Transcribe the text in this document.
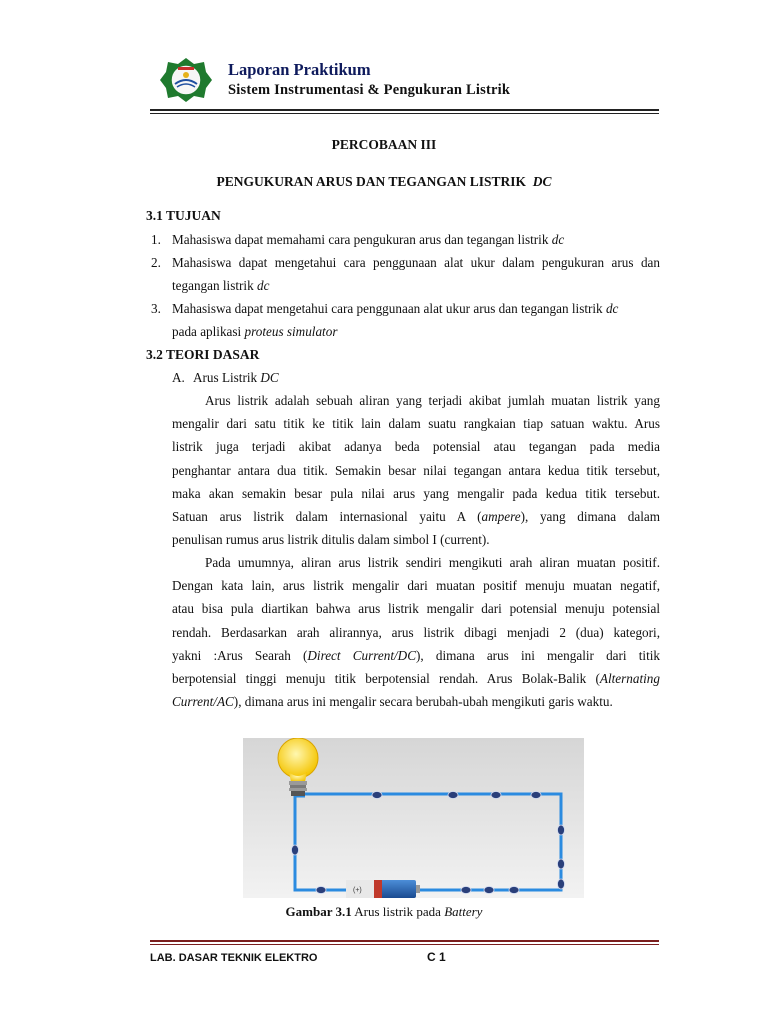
Laporan Praktikum
Sistem Instrumentasi & Pengukuran Listrik
PERCOBAAN III
PENGUKURAN ARUS DAN TEGANGAN LISTRIK DC
3.1 TUJUAN
1. Mahasiswa dapat memahami cara pengukuran arus dan tegangan listrik dc
2. Mahasiswa dapat mengetahui cara penggunaan alat ukur dalam pengukuran arus dan
tegangan listrik dc
3. Mahasiswa dapat mengetahui cara penggunaan alat ukur arus dan tegangan listrik dc
pada aplikasi proteus simulator
3.2 TEORI DASAR
A. Arus Listrik DC
Arus listrik adalah sebuah aliran yang terjadi akibat jumlah muatan listrik yang
mengalir dari satu titik ke titik lain dalam suatu rangkaian tiap satuan waktu. Arus
listrik juga terjadi akibat adanya beda potensial atau tegangan pada media
penghantar antara dua titik. Semakin besar nilai tegangan antara kedua titik tersebut,
maka akan semakin besar pula nilai arus yang mengalir pada kedua titik tersebut.
Satuan arus listrik dalam internasional yaitu A (ampere), yang dimana dalam
penulisan rumus arus listrik ditulis dalam simbol I (current).
Pada umumnya, aliran arus listrik sendiri mengikuti arah aliran muatan positif.
Dengan kata lain, arus listrik mengalir dari muatan positif menuju muatan negatif,
atau bisa pula diartikan bahwa arus listrik mengalir dari potensial menuju potensial
rendah. Berdasarkan arah alirannya, arus listrik dibagi menjadi 2 (dua) kategori,
yakni :Arus Searah (Direct Current/DC), dimana arus ini mengalir dari titik
berpotensial tinggi menuju titik berpotensial rendah. Arus Bolak-Balik (Alternating
Current/AC), dimana arus ini mengalir secara berubah-ubah mengikuti garis waktu.
(+)
Gambar 3.1 Arus listrik pada Battery
LAB. DASAR TEKNIK ELEKTRO	C 1
